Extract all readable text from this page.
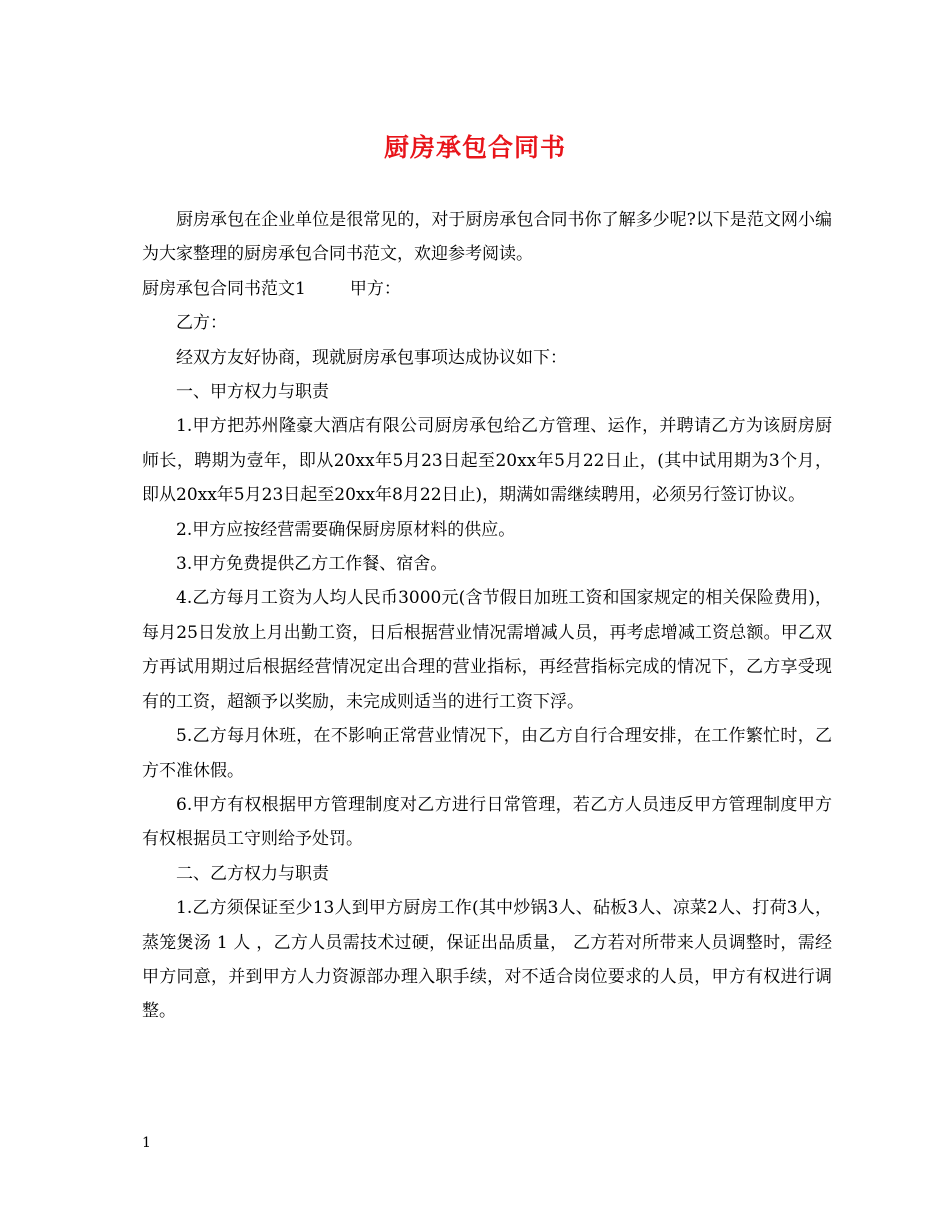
厨房承包合同书

厨房承包在企业单位是很常见的，对于厨房承包合同书你了解多少呢?以下是范文网小编为大家整理的厨房承包合同书范文，欢迎参考阅读。

厨房承包合同书范文1	甲方：

乙方：

经双方友好协商，现就厨房承包事项达成协议如下：

一、甲方权力与职责

1.甲方把苏州隆豪大酒店有限公司厨房承包给乙方管理、运作，并聘请乙方为该厨房厨师长，聘期为壹年，即从20xx年5月23日起至20xx年5月22日止，(其中试用期为3个月，即从20xx年5月23日起至20xx年8月22日止)，期满如需继续聘用，必须另行签订协议。

2.甲方应按经营需要确保厨房原材料的供应。

3.甲方免费提供乙方工作餐、宿舍。

4.乙方每月工资为人均人民币3000元(含节假日加班工资和国家规定的相关保险费用)，每月25日发放上月出勤工资，日后根据营业情况需增减人员，再考虑增减工资总额。甲乙双方再试用期过后根据经营情况定出合理的营业指标，再经营指标完成的情况下，乙方享受现有的工资，超额予以奖励，未完成则适当的进行工资下浮。

5.乙方每月休班，在不影响正常营业情况下，由乙方自行合理安排，在工作繁忙时，乙方不准休假。

6.甲方有权根据甲方管理制度对乙方进行日常管理，若乙方人员违反甲方管理制度甲方有权根据员工守则给予处罚。

二、乙方权力与职责

1.乙方须保证至少13人到甲方厨房工作(其中炒锅3人、砧板3人、凉菜2人、打荷3人，蒸笼煲汤 1 人 ，乙方人员需技术过硬，保证出品质量， 乙方若对所带来人员调整时，需经甲方同意，并到甲方人力资源部办理入职手续，对不适合岗位要求的人员，甲方有权进行调整。

1
